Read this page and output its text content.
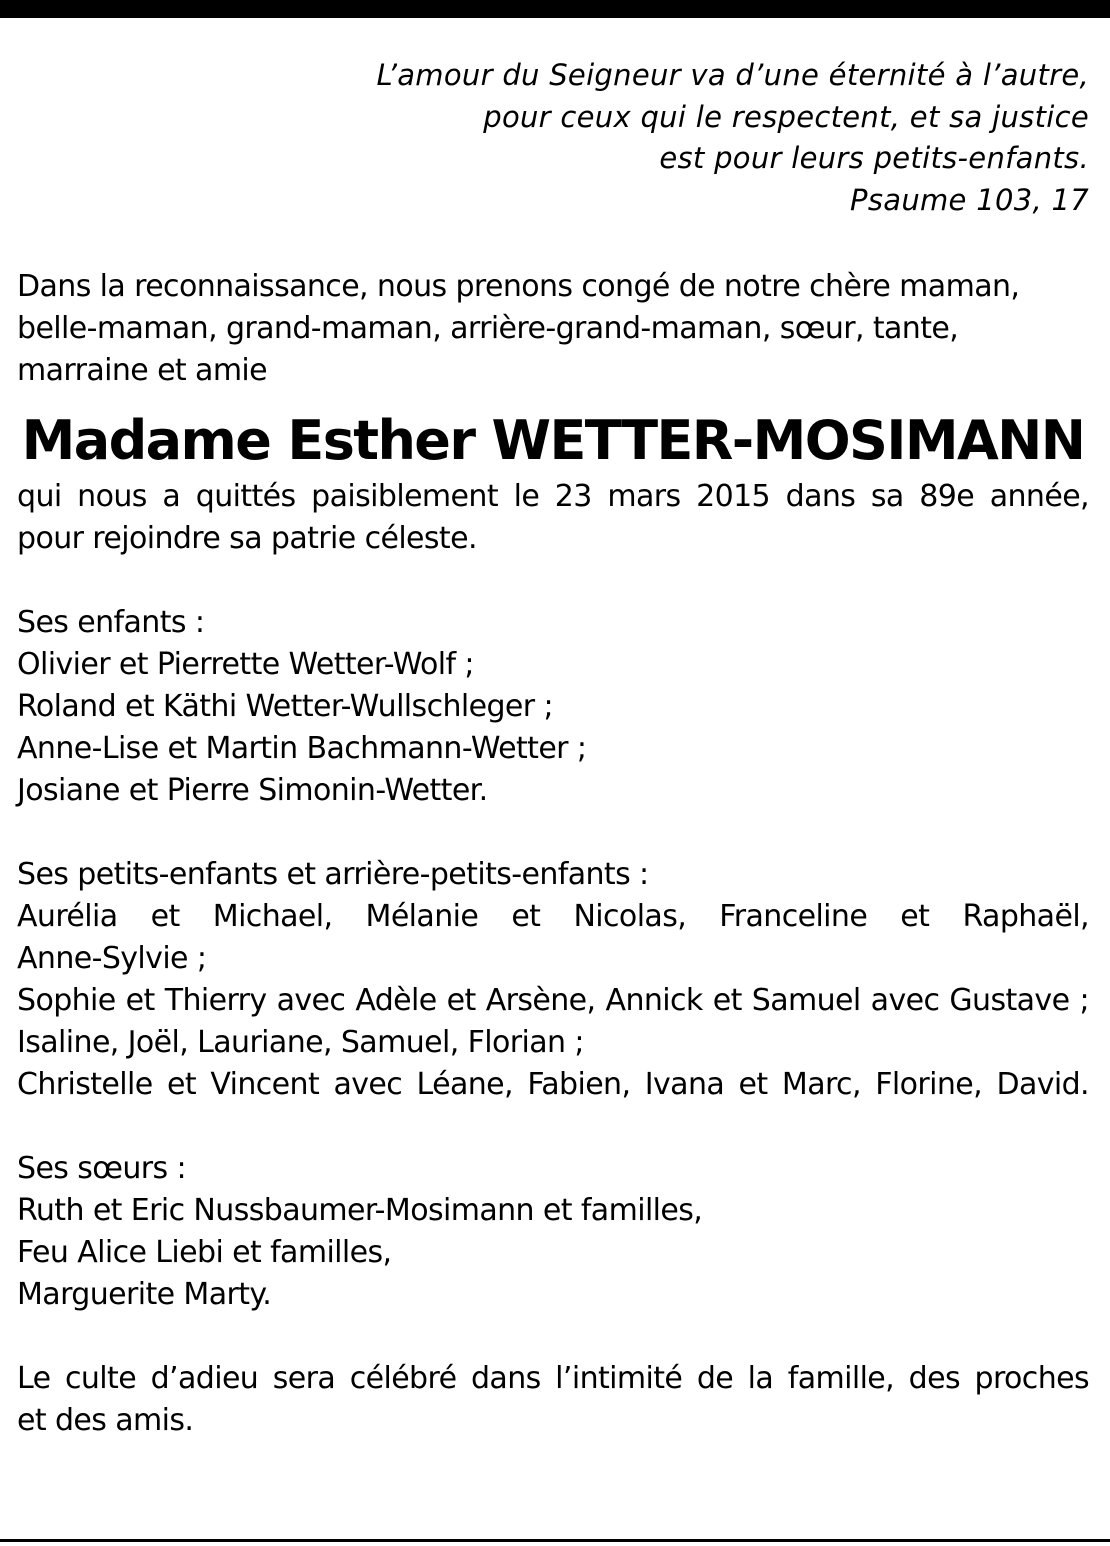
L’amour du Seigneur va d’une éternité à l’autre,
pour ceux qui le respectent, et sa justice
est pour leurs petits-enfants.
Psaume 103, 17
Dans la reconnaissance, nous prenons congé de notre chère maman,
belle-maman, grand-maman, arrière-grand-maman, sœur, tante,
marraine et amie
Madame Esther WETTER-MOSIMANN
qui nous a quittés paisiblement le 23 mars 2015 dans sa 89e année,
pour rejoindre sa patrie céleste.
Ses enfants :
Olivier et Pierrette Wetter-Wolf ;
Roland et Käthi Wetter-Wullschleger ;
Anne-Lise et Martin Bachmann-Wetter ;
Josiane et Pierre Simonin-Wetter.
Ses petits-enfants et arrière-petits-enfants :
Aurélia et Michael, Mélanie et Nicolas, Franceline et Raphaël,
Anne-Sylvie ;
Sophie et Thierry avec Adèle et Arsène, Annick et Samuel avec Gustave ;
Isaline, Joël, Lauriane, Samuel, Florian ;
Christelle et Vincent avec Léane, Fabien, Ivana et Marc, Florine, David.
Ses sœurs :
Ruth et Eric Nussbaumer-Mosimann et familles,
Feu Alice Liebi et familles,
Marguerite Marty.
Le culte d’adieu sera célébré dans l’intimité de la famille, des proches
et des amis.
